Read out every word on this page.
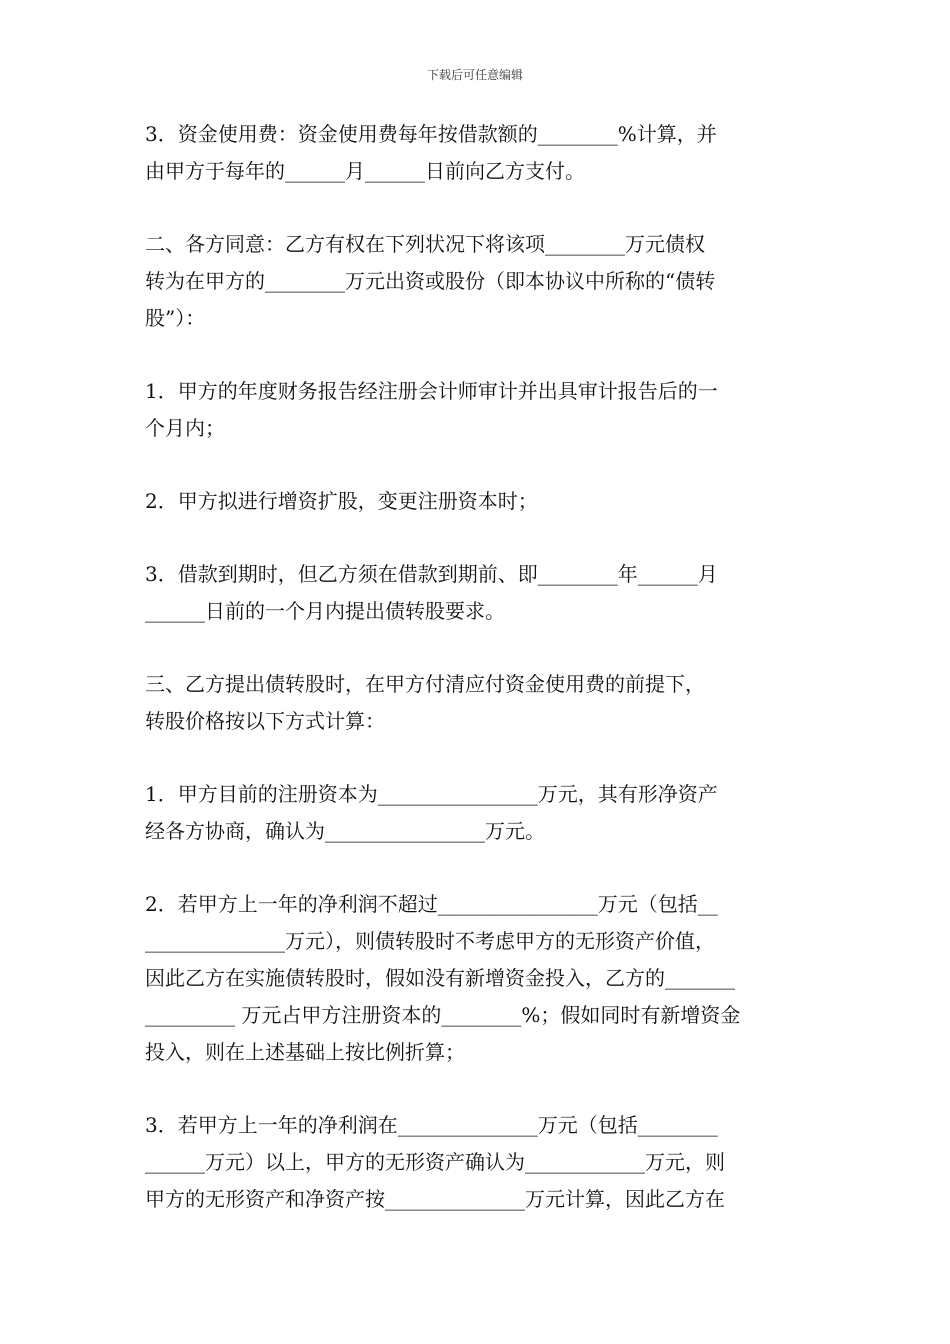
下载后可任意编辑

3．资金使用费：资金使用费每年按借款额的________%计算，并
由甲方于每年的______月______日前向乙方支付。

二、各方同意：乙方有权在下列状况下将该项________万元债权
转为在甲方的________万元出资或股份（即本协议中所称的“债转
股”）：

1．甲方的年度财务报告经注册会计师审计并出具审计报告后的一
个月内；

2．甲方拟进行增资扩股，变更注册资本时；

3．借款到期时，但乙方须在借款到期前、即________年______月
______日前的一个月内提出债转股要求。

三、乙方提出债转股时，在甲方付清应付资金使用费的前提下，
转股价格按以下方式计算：

1．甲方目前的注册资本为________________万元，其有形净资产
经各方协商，确认为________________万元。

2．若甲方上一年的净利润不超过________________万元（包括__
______________万元），则债转股时不考虑甲方的无形资产价值，
因此乙方在实施债转股时，假如没有新增资金投入，乙方的_______
_________ 万元占甲方注册资本的________%；假如同时有新增资金
投入，则在上述基础上按比例折算；

3．若甲方上一年的净利润在______________万元（包括________
______万元）以上，甲方的无形资产确认为____________万元，则
甲方的无形资产和净资产按______________万元计算，因此乙方在
